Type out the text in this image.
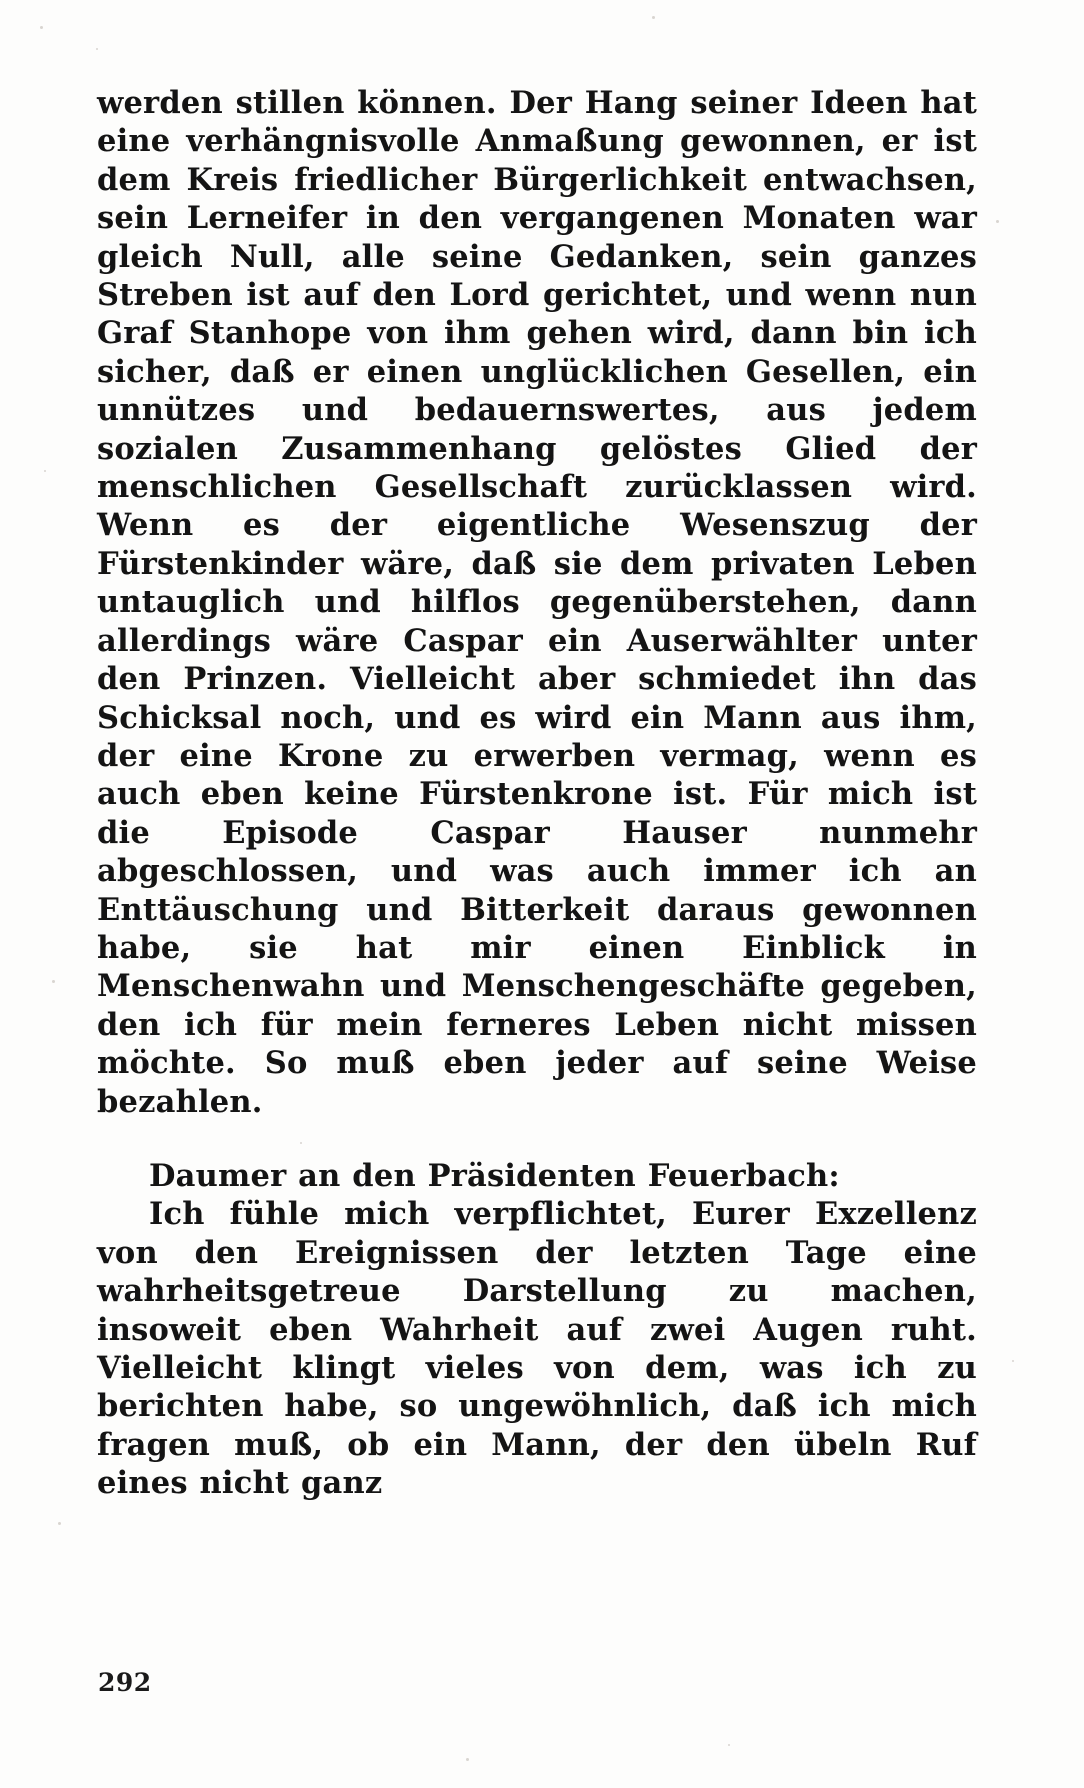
werden stillen können. Der Hang seiner Ideen hat eine verhängnisvolle Anmaßung gewonnen, er ist dem Kreis friedlicher Bürgerlichkeit entwachsen, sein Lerneifer in den vergangenen Monaten war gleich Null, alle seine Gedanken, sein ganzes Streben ist auf den Lord gerichtet, und wenn nun Graf Stanhope von ihm gehen wird, dann bin ich sicher, daß er einen unglücklichen Gesellen, ein unnützes und bedauernswertes, aus jedem sozialen Zusammenhang gelöstes Glied der menschlichen Gesellschaft zurücklassen wird. Wenn es der eigentliche Wesenszug der Fürstenkinder wäre, daß sie dem privaten Leben untauglich und hilflos gegenüberstehen, dann allerdings wäre Caspar ein Auserwählter unter den Prinzen. Vielleicht aber schmiedet ihn das Schicksal noch, und es wird ein Mann aus ihm, der eine Krone zu erwerben vermag, wenn es auch eben keine Fürstenkrone ist. Für mich ist die Episode Caspar Hauser nunmehr abgeschlossen, und was auch immer ich an Enttäuschung und Bitterkeit daraus gewonnen habe, sie hat mir einen Einblick in Menschenwahn und Menschengeschäfte gegeben, den ich für mein ferneres Leben nicht missen möchte. So muß eben jeder auf seine Weise bezahlen.

Daumer an den Präsidenten Feuerbach:

Ich fühle mich verpflichtet, Eurer Exzellenz von den Ereignissen der letzten Tage eine wahrheitsgetreue Darstellung zu machen, insoweit eben Wahrheit auf zwei Augen ruht. Vielleicht klingt vieles von dem, was ich zu berichten habe, so ungewöhnlich, daß ich mich fragen muß, ob ein Mann, der den übeln Ruf eines nicht ganz

292
